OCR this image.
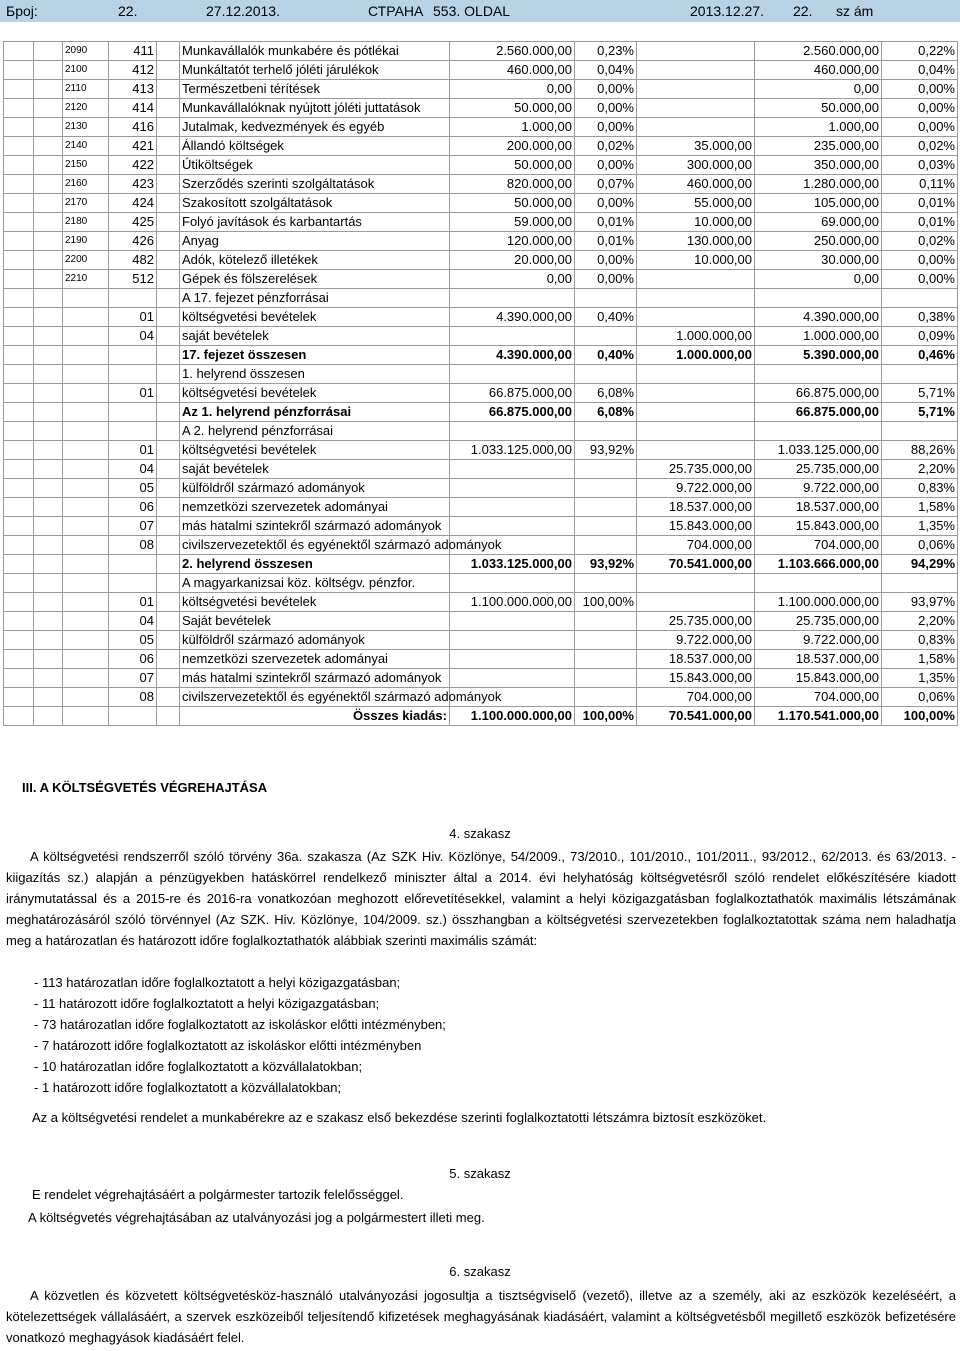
Број:	22.	27.12.2013.	СТРАНА 553. OLDAL	2013.12.27. 22. sz ám
		2090	411		Munkavállalók munkabére és pótlékai	2.560.000,00	0,23%		2.560.000,00	0,22%
		2100	412		Munkáltatót terhelő jóléti járulékok	460.000,00	0,04%		460.000,00	0,04%
		2110	413		Természetbeni térítések	0,00	0,00%		0,00	0,00%
		2120	414		Munkavállalóknak nyújtott jóléti juttatások	50.000,00	0,00%		50.000,00	0,00%
		2130	416		Jutalmak, kedvezmények és egyéb	1.000,00	0,00%		1.000,00	0,00%
		2140	421		Állandó költségek	200.000,00	0,02%	35.000,00	235.000,00	0,02%
		2150	422		Útiköltségek	50.000,00	0,00%	300.000,00	350.000,00	0,03%
		2160	423		Szerződés szerinti szolgáltatások	820.000,00	0,07%	460.000,00	1.280.000,00	0,11%
		2170	424		Szakosított szolgáltatások	50.000,00	0,00%	55.000,00	105.000,00	0,01%
		2180	425		Folyó javítások és karbantartás	59.000,00	0,01%	10.000,00	69.000,00	0,01%
		2190	426		Anyag	120.000,00	0,01%	130.000,00	250.000,00	0,02%
		2200	482		Adók, kötelező illetékek	20.000,00	0,00%	10.000,00	30.000,00	0,00%
		2210	512		Gépek és fölszerelések	0,00	0,00%		0,00	0,00%
					A 17. fejezet pénzforrásai					
			01		költségvetési bevételek	4.390.000,00	0,40%		4.390.000,00	0,38%
			04		saját bevételek			1.000.000,00	1.000.000,00	0,09%
					17. fejezet összesen	4.390.000,00	0,40%	1.000.000,00	5.390.000,00	0,46%
					1. helyrend összesen					
			01		költségvetési bevételek	66.875.000,00	6,08%		66.875.000,00	5,71%
					Az 1. helyrend pénzforrásai	66.875.000,00	6,08%		66.875.000,00	5,71%
					A 2. helyrend pénzforrásai					
			01		költségvetési bevételek	1.033.125.000,00	93,92%		1.033.125.000,00	88,26%
			04		saját bevételek			25.735.000,00	25.735.000,00	2,20%
			05		külföldről származó adományok			9.722.000,00	9.722.000,00	0,83%
			06		nemzetközi szervezetek adományai			18.537.000,00	18.537.000,00	1,58%
			07		más hatalmi szintekről származó adományok			15.843.000,00	15.843.000,00	1,35%
			08		civilszervezetektől és egyénektől származó adományok			704.000,00	704.000,00	0,06%
					2. helyrend összesen	1.033.125.000,00	93,92%	70.541.000,00	1.103.666.000,00	94,29%
					A magyarkanizsai köz. költségv. pénzfor.					
			01		költségvetési bevételek	1.100.000.000,00	100,00%		1.100.000.000,00	93,97%
			04		Saját bevételek			25.735.000,00	25.735.000,00	2,20%
			05		külföldről származó adományok			9.722.000,00	9.722.000,00	0,83%
			06		nemzetközi szervezetek adományai			18.537.000,00	18.537.000,00	1,58%
			07		más hatalmi szintekről származó adományok			15.843.000,00	15.843.000,00	1,35%
			08		civilszervezetektől és egyénektől származó adományok			704.000,00	704.000,00	0,06%
					Összes kiadás:	1.100.000.000,00	100,00%	70.541.000,00	1.170.541.000,00	100,00%
III. A KÖLTSÉGVETÉS VÉGREHAJTÁSA
4. szakasz
A költségvetési rendszerről szóló törvény 36a. szakasza (Az SZK Hiv. Közlönye, 54/2009., 73/2010., 101/2010., 101/2011., 93/2012., 62/2013. és 63/2013. - kiigazítás sz.) alapján a pénzügyekben hatáskörrel rendelkező miniszter által a 2014. évi helyhatóság költségvetésről szóló rendelet előkészítésére kiadott iránymutatással és a 2015-re és 2016-ra vonatkozóan meghozott előrevetítésekkel, valamint a helyi közigazgatásban foglalkoztathatók maximális létszámának meghatározásáról szóló törvénnyel (Az SZK. Hiv. Közlönye, 104/2009. sz.) összhangban a költségvetési szervezetekben foglalkoztatottak száma nem haladhatja meg a határozatlan és határozott időre foglalkoztathatók alábbiak szerinti maximális számát:
- 113 határozatlan időre foglalkoztatott a helyi közigazgatásban;
- 11 határozott időre foglalkoztatott a helyi közigazgatásban;
- 73 határozatlan időre foglalkoztatott az iskoláskor előtti intézményben;
- 7 határozott időre foglalkoztatott az iskoláskor előtti intézményben
- 10 határozatlan időre foglalkoztatott a közvállalatokban;
- 1 határozott időre foglalkoztatott a közvállalatokban;
Az a költségvetési rendelet a munkabérekre az e szakasz első bekezdése szerinti foglalkoztatotti létszámra biztosít eszközöket.
5. szakasz
E rendelet végrehajtásáért a polgármester tartozik felelősséggel.
A költségvetés végrehajtásában az utalványozási jog a polgármestert illeti meg.
6. szakasz
A közvetlen és közvetett költségvetésköz-használó utalványozási jogosultja a tisztségviselő (vezető), illetve az a személy, aki az eszközök kezeléséért, a kötelezettségek vállalásáért, a szervek eszközeiből teljesítendő kifizetések meghagyásának kiadásáért, valamint a költségvetésből megillető eszközök befizetésére vonatkozó meghagyások kiadásáért felel.
